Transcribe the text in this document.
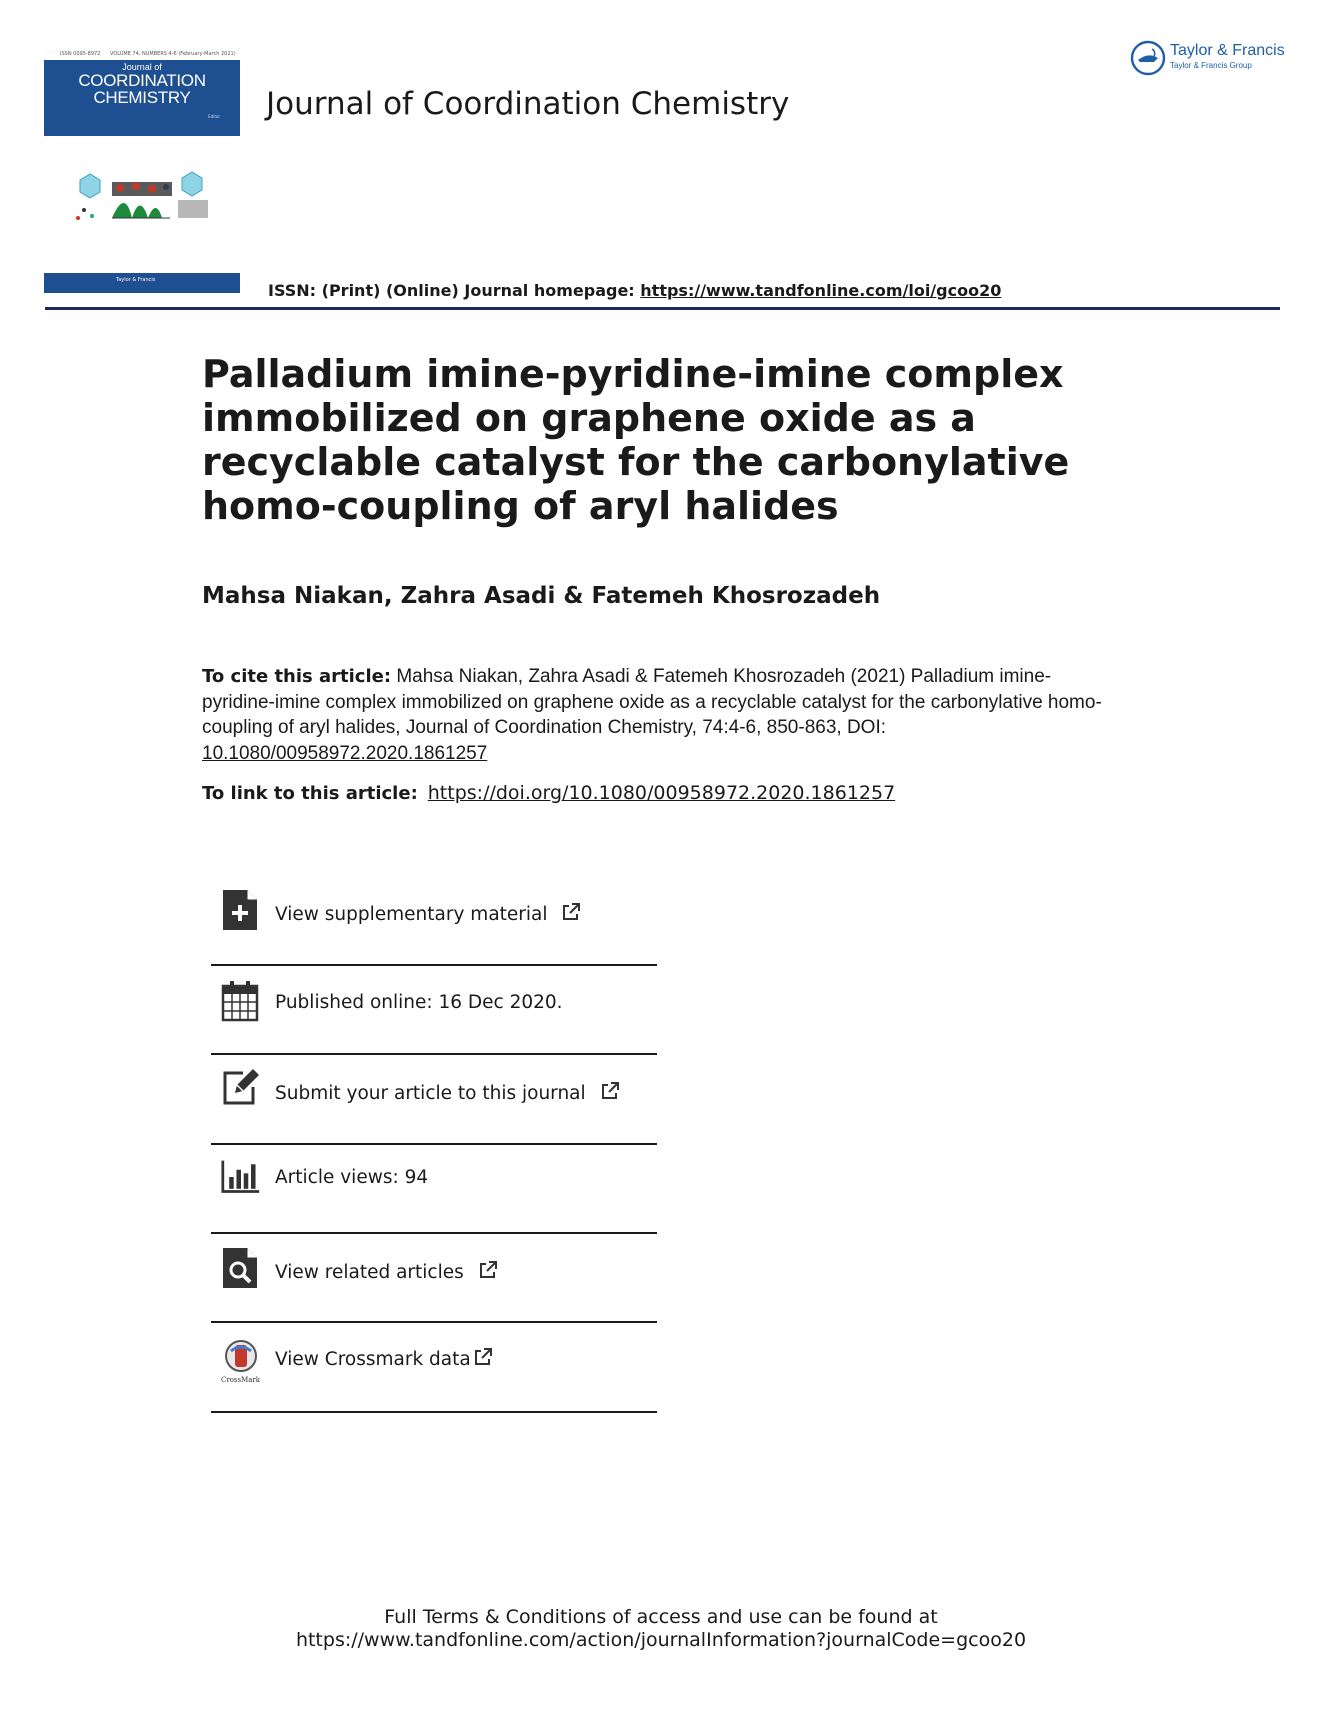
ISSN 0095-8972 VOLUME 74, NUMBERS 4-6 (February-March 2021)
Journal of
COORDINATION
CHEMISTRY
Editor
Taylor & Francis
Journal of Coordination Chemistry
Taylor & Francis
Taylor & Francis Group
ISSN: (Print) (Online) Journal homepage: https://www.tandfonline.com/loi/gcoo20
Palladium imine-pyridine-imine complex immobilized on graphene oxide as a recyclable catalyst for the carbonylative homo-coupling of aryl halides
Mahsa Niakan, Zahra Asadi & Fatemeh Khosrozadeh
To cite this article: Mahsa Niakan, Zahra Asadi & Fatemeh Khosrozadeh (2021) Palladium imine-pyridine-imine complex immobilized on graphene oxide as a recyclable catalyst for the carbonylative homo-coupling of aryl halides, Journal of Coordination Chemistry, 74:4-6, 850-863, DOI: 10.1080/00958972.2020.1861257
To link to this article: https://doi.org/10.1080/00958972.2020.1861257
View supplementary material
Published online: 16 Dec 2020.
Submit your article to this journal
Article views: 94
View related articles
CrossMark
View Crossmark data
Full Terms & Conditions of access and use can be found at
https://www.tandfonline.com/action/journalInformation?journalCode=gcoo20
